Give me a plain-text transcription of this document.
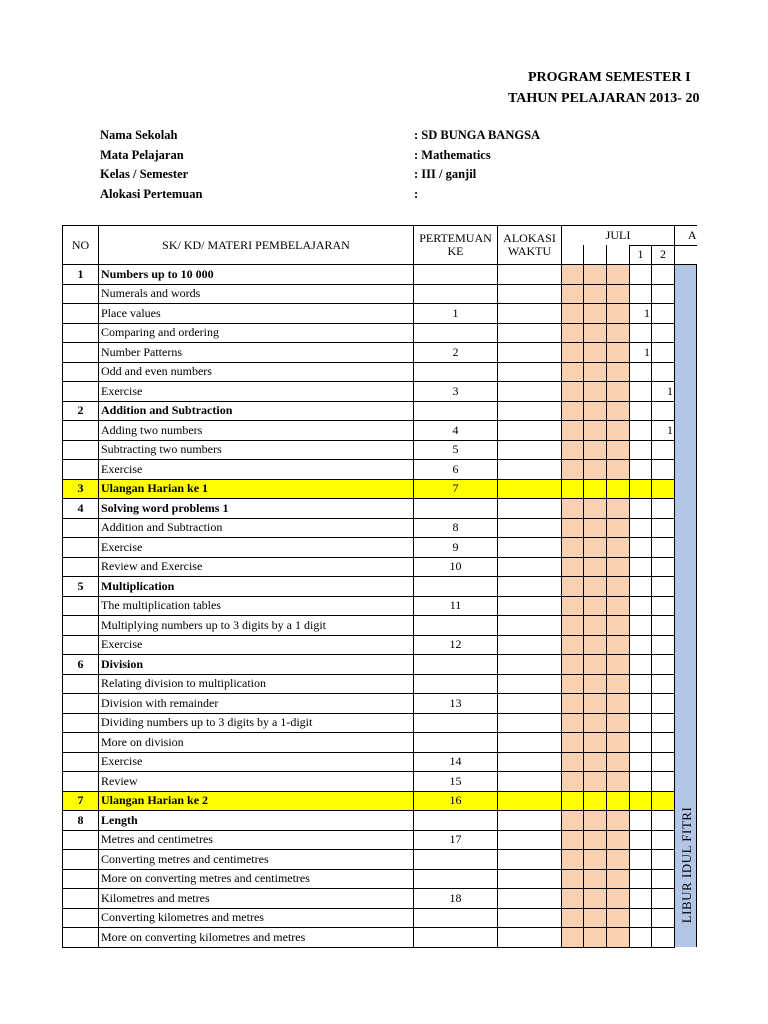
PROGRAM SEMESTER I
TAHUN PELAJARAN 2013- 20
Nama Sekolah	: SD BUNGA BANGSA
Mata Pelajaran	: Mathematics
Kelas / Semester	: III / ganjil
Alokasi Pertemuan	:
NO	SK/ KD/ MATERI PEMBELAJARAN	PERTEMUAN KE	ALOKASI WAKTU	JULI					A
							1	2	
1	Numbers up to 10 000								
	Numerals and words								
	Place values	1					1		
	Comparing and ordering								
	Number Patterns	2					1		
	Odd and even numbers								
	Exercise	3						1	
2	Addition and Subtraction								
	Adding two numbers	4						1	
	Subtracting two numbers	5							
	Exercise	6							
3	Ulangan Harian ke 1	7							
4	Solving word problems 1								
	Addition and Subtraction	8							
	Exercise	9							
	Review and Exercise	10							
5	Multiplication								
	The multiplication tables	11							
	Multiplying numbers up to 3 digits by a 1 digit								
	Exercise	12							
6	Division								
	Relating division to multiplication								
	Division with remainder	13							
	Dividing numbers up to 3 digits by a 1-digit								
	More on division								
	Exercise	14							
	Review	15							
7	Ulangan Harian ke 2	16							
8	Length								
	Metres and centimetres	17							
	Converting metres and centimetres								
	More on converting metres and centimetres								
	Kilometres and metres	18							
	Converting kilometres and metres								
	More on converting kilometres and metres								
LIBUR IDUL FITRI
